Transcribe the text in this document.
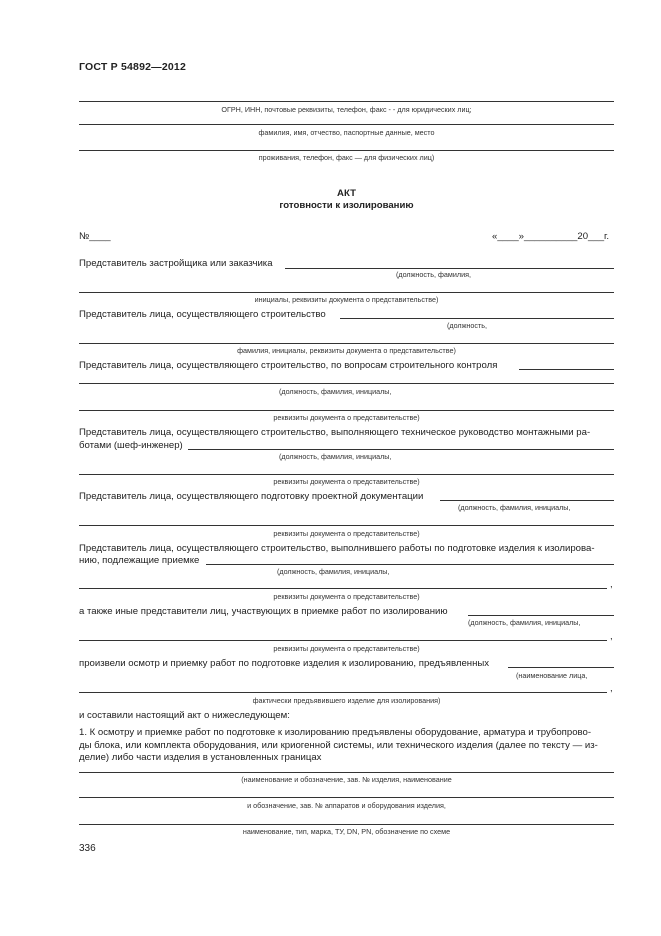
ГОСТ Р 54892—2012
ОГРН, ИНН, почтовые реквизиты, телефон, факс - - для юридических лиц;
фамилия, имя, отчество, паспортные данные, место
проживания, телефон, факс — для физических лиц)
АКТ
готовности к изолированию
№____	«____»__________20___г.
Представитель застройщика или заказчика
(должность, фамилия,
инициалы, реквизиты документа о представительстве)
Представитель лица, осуществляющего строительство
(должность,
фамилия, инициалы, реквизиты документа о представительстве)
Представитель лица, осуществляющего строительство, по вопросам строительного контроля
(должность, фамилия, инициалы,
реквизиты документа о представительстве)
Представитель лица, осуществляющего строительство, выполняющего техническое руководство монтажными ра-
ботами (шеф-инженер)
(должность, фамилия, инициалы,
реквизиты документа о представительстве)
Представитель лица, осуществляющего подготовку проектной документации
(должность, фамилия, инициалы,
реквизиты документа о представительстве)
Представитель лица, осуществляющего строительство, выполнившего работы по подготовке изделия к изолирова-
нию, подлежащие приемке
(должность, фамилия, инициалы,
,
реквизиты документа о представительстве)
а также иные представители лиц, участвующих в приемке работ по изолированию
(должность, фамилия, инициалы,
,
реквизиты документа о представительстве)
произвели осмотр и приемку работ по подготовке изделия к изолированию, предъявленных
(наименование лица,
,
фактически предъявившего изделие для изолирования)
и составили настоящий акт о нижеследующем:
1. К осмотру и приемке работ по подготовке к изолированию предъявлены оборудование, арматура и трубопрово-
ды блока, или комплекта оборудования, или криогенной системы, или технического изделия (далее по тексту — из-
делие) либо части изделия в установленных границах
(наименование и обозначение, зав. № изделия, наименование
и обозначение, зав. № аппаратов и оборудования изделия,
наименование, тип, марка, ТУ, DN, PN, обозначение по схеме
336
